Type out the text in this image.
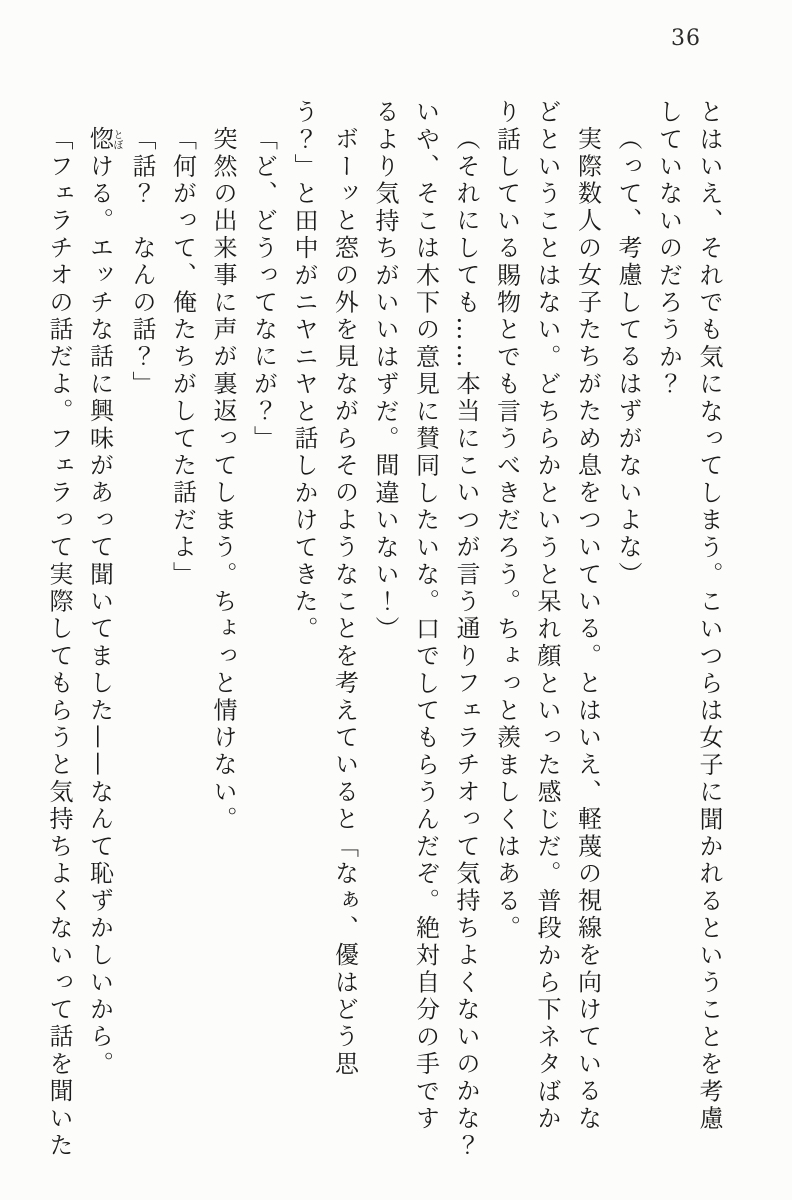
36
とはいえ、それでも気になってしまう。こいつらは女子に聞かれるということを考慮
していないのだろうか？
（って、考慮してるはずがないよな）
実際数人の女子たちがため息をついている。とはいえ、軽蔑の視線を向けているな
どということはない。どちらかというと呆れ顔といった感じだ。普段から下ネタばか
り話している賜物とでも言うべきだろう。ちょっと羨ましくはある。
（それにしても……本当にこいつが言う通りフェラチオって気持ちよくないのかな？
いや、そこは木下の意見に賛同したいな。口でしてもらうんだぞ。絶対自分の手です
るより気持ちがいいはずだ。間違いない！）
ボーッと窓の外を見ながらそのようなことを考えていると「なぁ、優はどう思
う？」と田中がニヤニヤと話しかけてきた。
「ど、どうってなにが？」
突然の出来事に声が裏返ってしまう。ちょっと情けない。
「何がって、俺たちがしてた話だよ」
「話？　なんの話？」
惚とぼける。エッチな話に興味があって聞いてました——なんて恥ずかしいから。
「フェラチオの話だよ。フェラって実際してもらうと気持ちよくないって話を聞いた
